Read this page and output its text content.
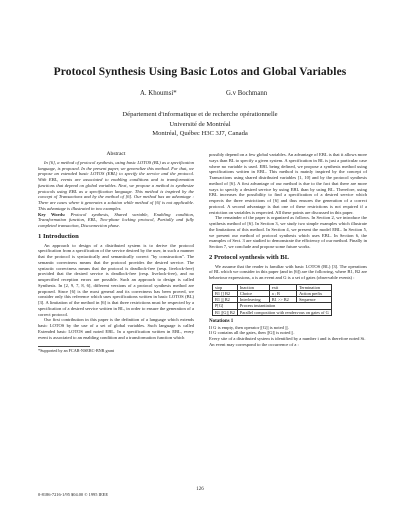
Protocol Synthesis Using Basic Lotos and Global Variables
A. Khoumsi*	G.v Bochmann
Département d'informatique et de recherche opérationnelle
Université de Montréal
Montréal, Québec H3C 3J7, Canada
Abstract

In [6], a method of protocol synthesis, using basic LOTOS (BL) as a specification language, is proposed. In the present paper, we generalize this method. For that, we propose an extended basic LOTOS (EBL) to specify the service and the protocol. With EBL, events are associated to enabling conditions and to transformation functions that depend on global variables. Next, we propose a method to synthesize protocols using EBL as a specification language. This method is inspired by the concept of Transactions and by the method of [6]. Our method has an advantage : There are cases where it generates a solution while method of [6] is not applicable. This advantage is illustrated in two examples.

Key Words: Protocol synthesis, Shared variable, Enabling condition, Transformation function, EBL, Two-phase locking protocol, Partially and fully completed transaction, Disconnection phase.

1 Introduction

An approach to design of a distributed system is to derive the protocol specification from a specification of the service desired by the user, in such a manner that the protocol is syntactically and semantically correct "by construction". The semantic correctness means that the protocol provides the desired service. The syntactic correctness means that the protocol is deadlock-free (resp. livelock-free) provided that the desired service is deadlock-free (resp. livelock-free), and no unspecified reception errors are possible. Such an approach to design is called Synthesis. In [2, 9, 7, 8, 6], different versions of a protocol synthesis method are proposed. Since [6] is the most general and its correctness has been proved, we consider only this reference which uses specifications written in basic LOTOS (BL) [3]. A limitation of the method in [6] is that three restrictions must be respected by a specification of a desired service written in BL, in order to ensure the generation of a correct protocol.

Our first contribution in this paper is the definition of a language which extends basic LOTOS by the use of a set of global variables. Such language is called Extended basic LOTOS and noted EBL. In a specification written in EBL, every event is associated to an enabling condition and a transformation function which

*Supported by an FCAR-NSERC-BNR grant

possibly depend on a few global variables. An advantage of EBL is that it allows more ways than BL to specify a given system. A specification in BL is just a particular case where no variable is used. EBL being defined, we propose a synthesis method using specifications written in EBL. This method is mainly inspired by the concept of Transactions using shared distributed variables [1, 10] and by the protocol synthesis method of [6]. A first advantage of our method is due to the fact that there are more ways to specify a desired service by using EBL than by using BL. Therefore, using EBL increases the possibility to find a specification of a desired service which respects the three restrictions of [6] and thus ensures the generation of a correct protocol. A second advantage is that one of these restrictions is not required if a restriction on variables is respected. All these points are discussed in this paper.

The remainder of the paper is organized as follows. In Section 2, we introduce the synthesis method of [6]. In Section 3, we study two simple examples which illustrate the limitations of this method. In Section 4, we present the model EBL. In Section 5, we present our method of protocol synthesis which uses EBL. In Section 6, the examples of Sect. 3 are studied to demonstrate the efficiency of our method. Finally in Section 7, we conclude and propose some future works.

2 Protocol synthesis with BL

We assume that the reader is familiar with basic LOTOS (BL) [3]. The operations of BL which we consider in this paper (and in [6]) are the following, where B1, B2 are behaviour expressions, a is an event and G is a set of gates (observable events) :

stop	Inaction	exit	Termination
B1 [] B2	Choice	a ; B	Action prefix
B1 ||| B2	Interleaving	B1 >> B2	Sequence
P[G]	Process instantiation		
B1 |[G]| B2	Parallel composition with rendezvous on gates of G		
Notations 1

If G is empty, then operator |[G]| is noted |||.

If G contains all the gates, then |[G]| is noted ||.

Every site of a distributed system is identified by a number i and is therefore noted Si.

An event may correspond to the occurrence of a :

126
0-8186-7216-1/95 $04.00 © 1995 IEEE
